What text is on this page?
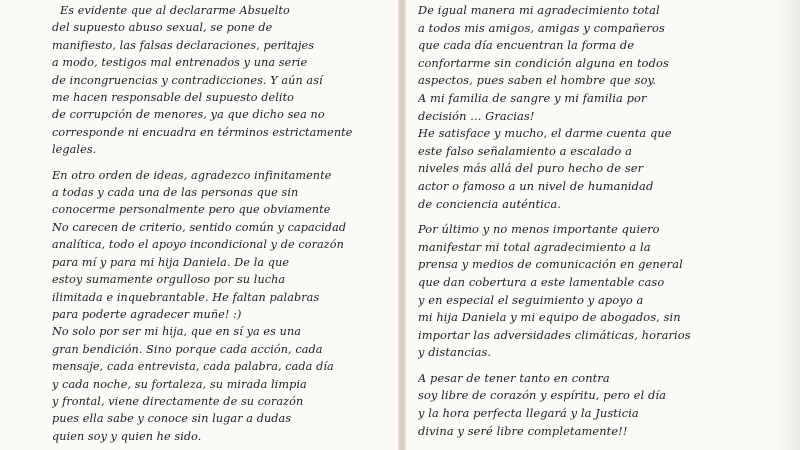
Es evidente que al declararme Absuelto
del supuesto abuso sexual, se pone de
manifiesto, las falsas declaraciones, peritajes
a modo, testigos mal entrenados y una serie
de incongruencias y contradicciones. Y aún así
me hacen responsable del supuesto delito
de corrupción de menores, ya que dicho sea no
corresponde ni encuadra en términos estrictamente
legales.
En otro orden de ideas, agradezco infinitamente
a todas y cada una de las personas que sin
conocerme personalmente pero que obviamente
No carecen de criterio, sentido común y capacidad
analítica, todo el apoyo incondicional y de corazón
para mí y para mi hija Daniela. De la que
estoy sumamente orgulloso por su lucha
ilimitada e inquebrantable. He faltan palabras
para poderte agradecer muñe! :)
No solo por ser mi hija, que en sí ya es una
gran bendición. Sino porque cada acción, cada
mensaje, cada entrevista, cada palabra, cada día
y cada noche, su fortaleza, su mirada limpia
y frontal, viene directamente de su corazón
pues ella sabe y conoce sin lugar a dudas
quien soy y quien he sido.
De igual manera mi agradecimiento total
a todos mis amigos, amigas y compañeros
que cada día encuentran la forma de
confortarme sin condición alguna en todos
aspectos, pues saben el hombre que soy.
A mi familia de sangre y mi familia por
decisión ... Gracias!
He satisface y mucho, el darme cuenta que
este falso señalamiento a escalado a
niveles más allá del puro hecho de ser
actor o famoso a un nivel de humanidad
de conciencia auténtica.
Por último y no menos importante quiero
manifestar mi total agradecimiento a la
prensa y medios de comunicación en general
que dan cobertura a este lamentable caso
y en especial el seguimiento y apoyo a
mi hija Daniela y mi equipo de abogados, sin
importar las adversidades climáticas, horarios
y distancias.
A pesar de tener tanto en contra
soy libre de corazón y espíritu, pero el día
y la hora perfecta llegará y la Justicia
divina y seré libre completamente!!
